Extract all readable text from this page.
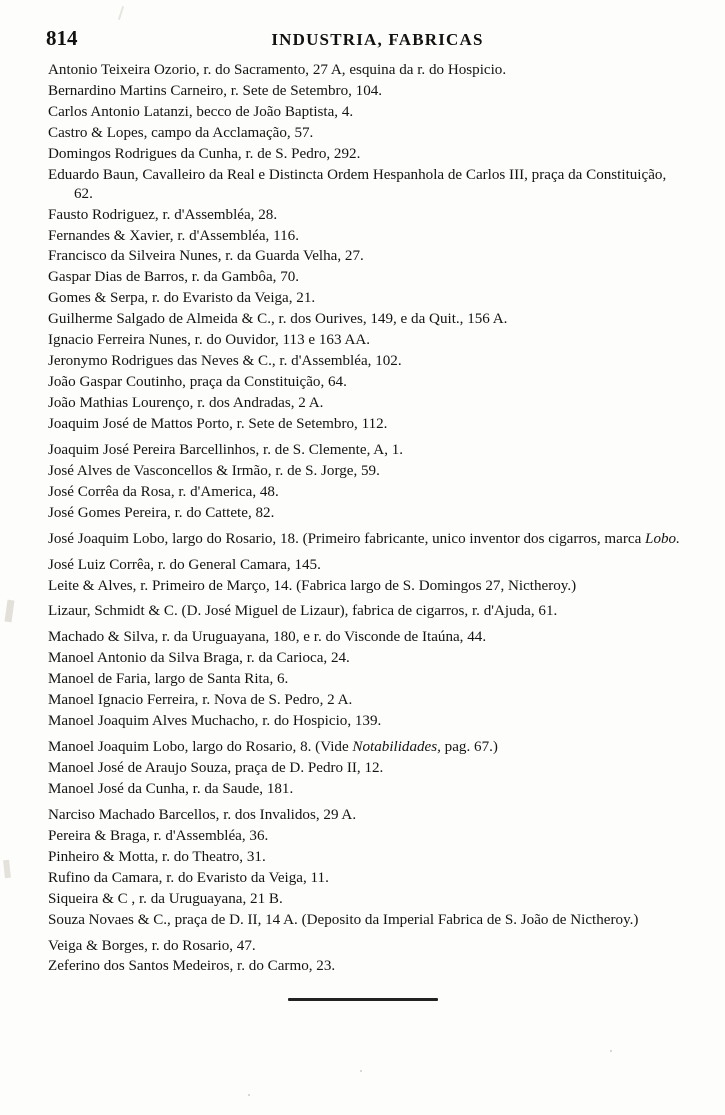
814	INDUSTRIA, FABRICAS

Antonio Teixeira Ozorio, r. do Sacramento, 27 A, esquina da r. do Hospicio.

Bernardino Martins Carneiro, r. Sete de Setembro, 104.

Carlos Antonio Latanzi, becco de João Baptista, 4.

Castro & Lopes, campo da Acclamação, 57.

Domingos Rodrigues da Cunha, r. de S. Pedro, 292.

Eduardo Baun, Cavalleiro da Real e Distincta Ordem Hespanhola de Carlos III, praça da Constituição, 62.

Fausto Rodriguez, r. d'Assembléa, 28.

Fernandes & Xavier, r. d'Assembléa, 116.

Francisco da Silveira Nunes, r. da Guarda Velha, 27.

Gaspar Dias de Barros, r. da Gambôa, 70.

Gomes & Serpa, r. do Evaristo da Veiga, 21.

Guilherme Salgado de Almeida & C., r. dos Ourives, 149, e da Quit., 156 A.

Ignacio Ferreira Nunes, r. do Ouvidor, 113 e 163 AA.

Jeronymo Rodrigues das Neves & C., r. d'Assembléa, 102.

João Gaspar Coutinho, praça da Constituição, 64.

João Mathias Lourenço, r. dos Andradas, 2 A.

Joaquim José de Mattos Porto, r. Sete de Setembro, 112.

Joaquim José Pereira Barcellinhos, r. de S. Clemente, A, 1.

José Alves de Vasconcellos & Irmão, r. de S. Jorge, 59.

José Corrêa da Rosa, r. d'America, 48.

José Gomes Pereira, r. do Cattete, 82.

José Joaquim Lobo, largo do Rosario, 18. (Primeiro fabricante, unico inventor dos cigarros, marca Lobo.

José Luiz Corrêa, r. do General Camara, 145.

Leite & Alves, r. Primeiro de Março, 14. (Fabrica largo de S. Domingos 27, Nictheroy.)

Lizaur, Schmidt & C. (D. José Miguel de Lizaur), fabrica de cigarros, r. d'Ajuda, 61.

Machado & Silva, r. da Uruguayana, 180, e r. do Visconde de Itaúna, 44.

Manoel Antonio da Silva Braga, r. da Carioca, 24.

Manoel de Faria, largo de Santa Rita, 6.

Manoel Ignacio Ferreira, r. Nova de S. Pedro, 2 A.

Manoel Joaquim Alves Muchacho, r. do Hospicio, 139.

Manoel Joaquim Lobo, largo do Rosario, 8. (Vide Notabilidades, pag. 67.)

Manoel José de Araujo Souza, praça de D. Pedro II, 12.

Manoel José da Cunha, r. da Saude, 181.

Narciso Machado Barcellos, r. dos Invalidos, 29 A.

Pereira & Braga, r. d'Assembléa, 36.

Pinheiro & Motta, r. do Theatro, 31.

Rufino da Camara, r. do Evaristo da Veiga, 11.

Siqueira & C , r. da Uruguayana, 21 B.

Souza Novaes & C., praça de D. II, 14 A. (Deposito da Imperial Fabrica de S. João de Nictheroy.)

Veiga & Borges, r. do Rosario, 47.

Zeferino dos Santos Medeiros, r. do Carmo, 23.
